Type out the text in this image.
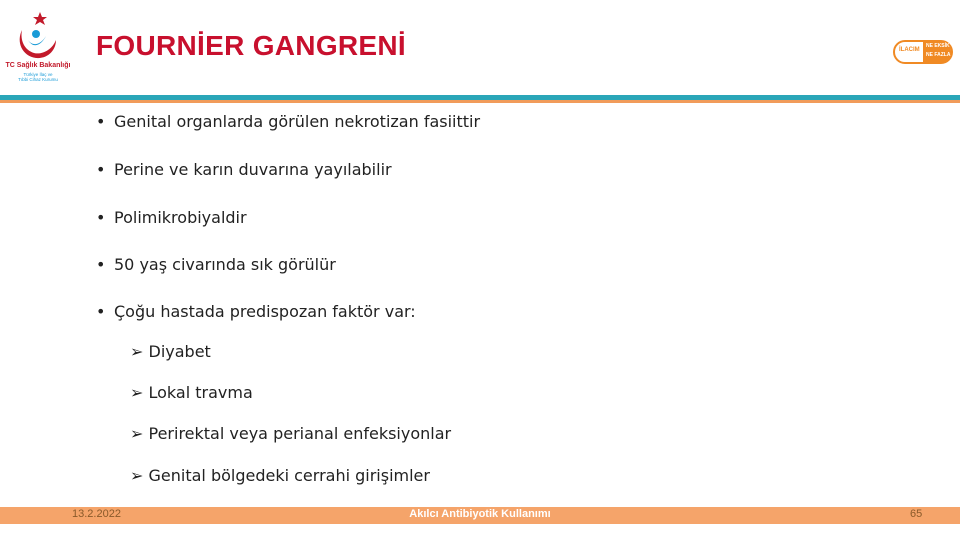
TC Sağlık Bakanlığı
Türkiye İlaç ve
Tıbbi Cihaz Kurumu
FOURNİER GANGRENİ	İLACIM
NE EKSİK
NE FAZLA
• Genital organlarda görülen nekrotizan fasiittir
• Perine ve karın duvarına yayılabilir
• Polimikrobiyaldir
• 50 yaş civarında sık görülür
• Çoğu hastada predispozan faktör var:
➢ Diyabet
➢ Lokal travma
➢ Perirektal veya perianal enfeksiyonlar
➢ Genital bölgedeki cerrahi girişimler
13.2.2022	Akılcı Antibiyotik Kullanımı	65
